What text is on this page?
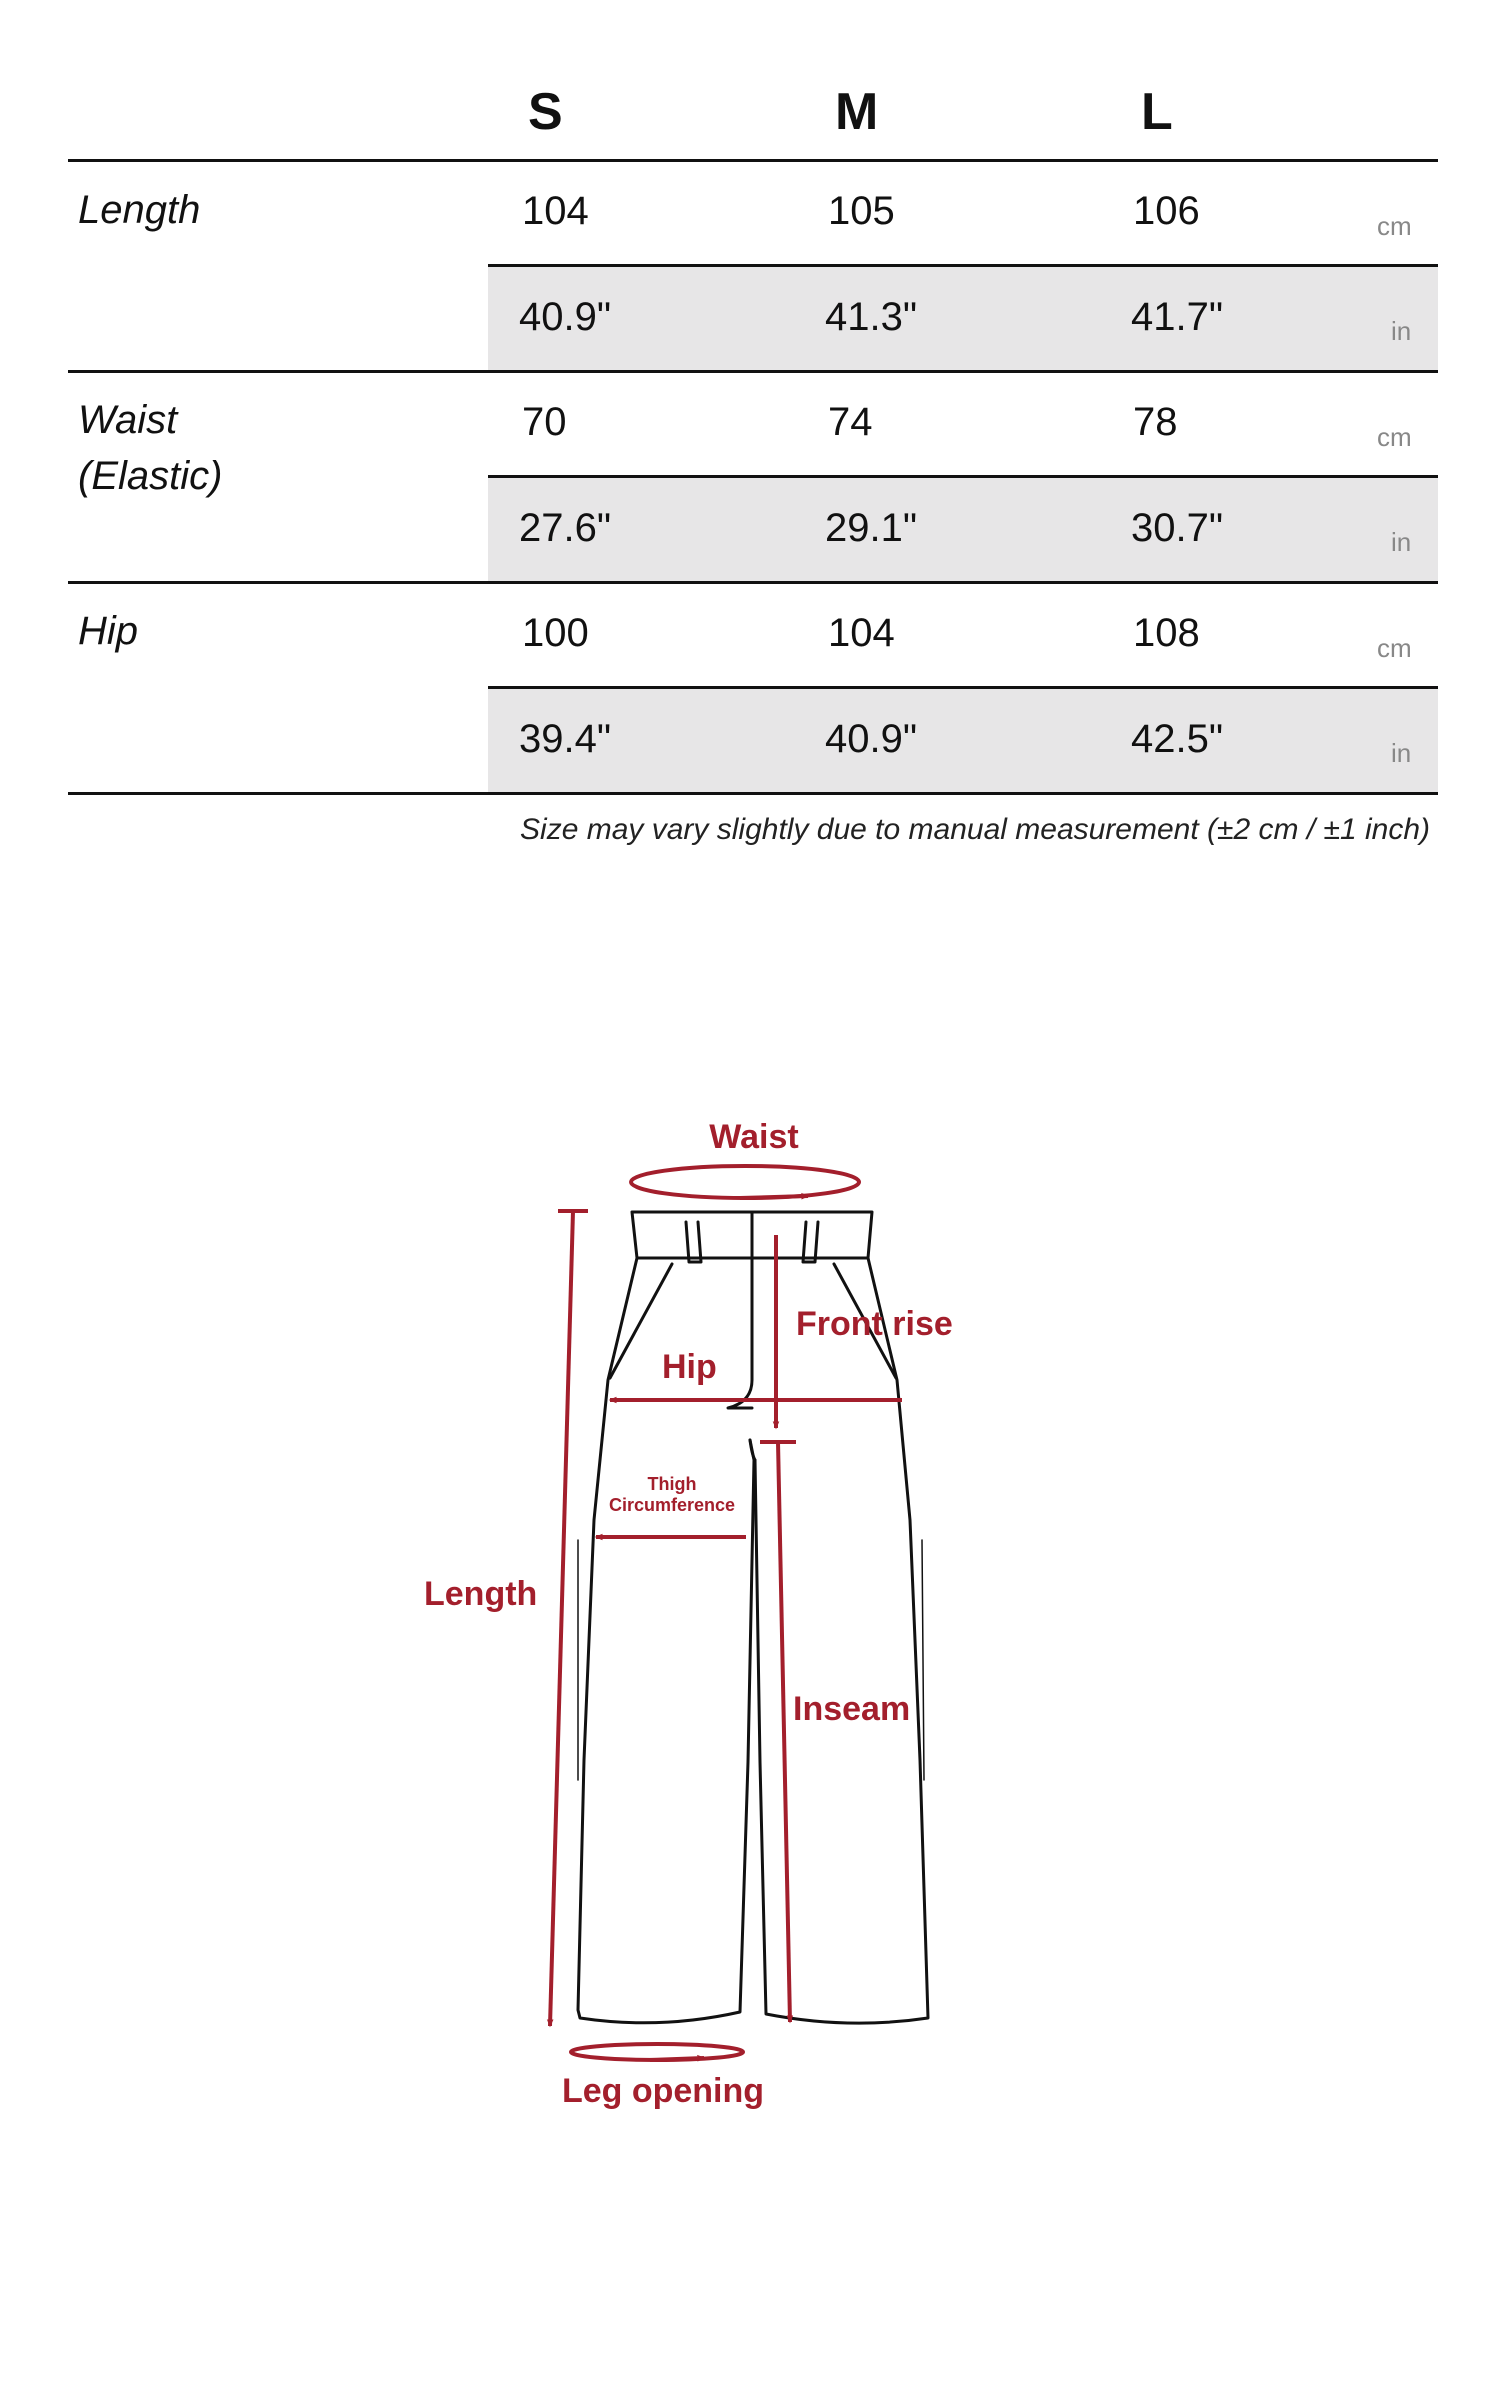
S	M	L
Length	104	105	106	cm
40.9"	41.3"	41.7"	in
Waist
(Elastic)
70	74	78	cm
27.6"	29.1"	30.7"	in
Hip	100	104	108	cm
39.4"	40.9"	42.5"	in
Size may vary slightly due to manual measurement (±2 cm / ±1 inch)
Waist
Front rise
Hip
Thigh
Circumference
Length
Inseam
Leg opening
